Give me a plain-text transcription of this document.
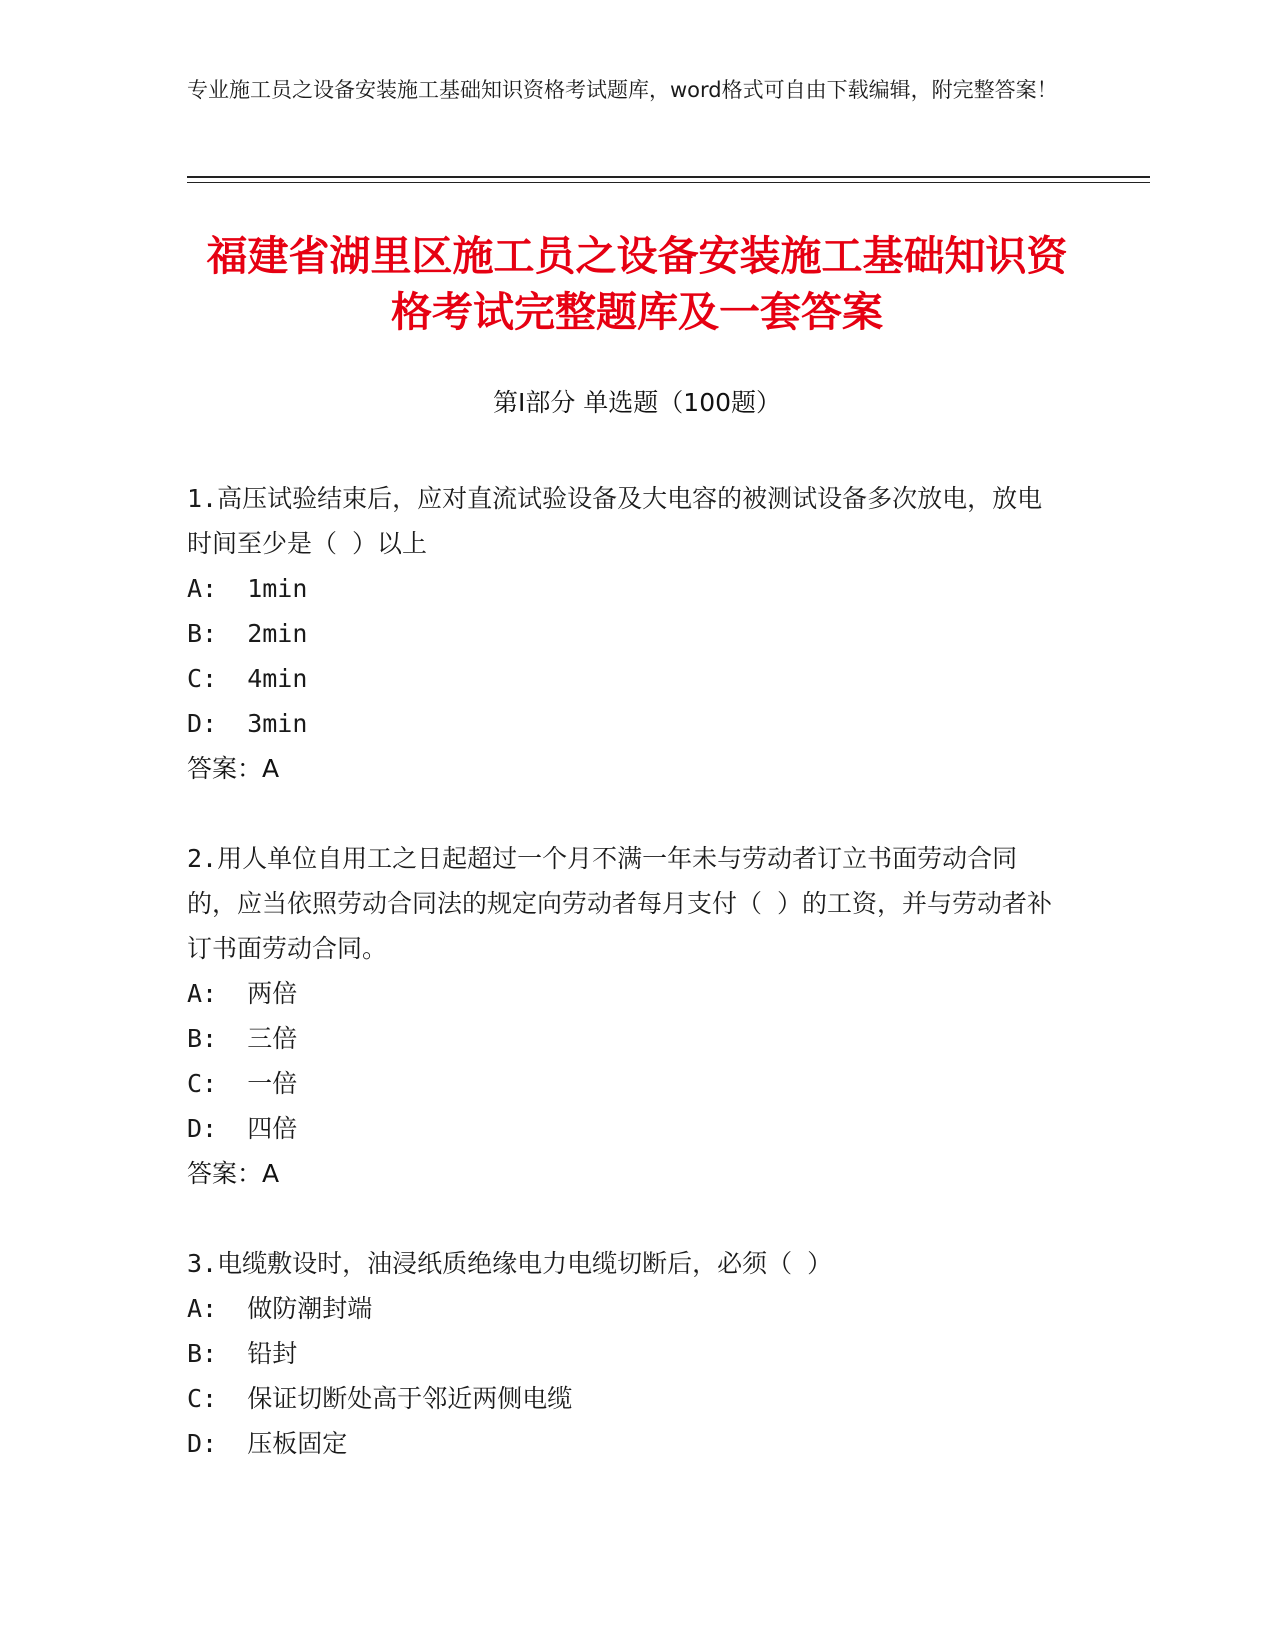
专业施工员之设备安装施工基础知识资格考试题库，word格式可自由下载编辑，附完整答案！
福建省湖里区施工员之设备安装施工基础知识资格考试完整题库及一套答案
第Ⅰ部分 单选题（100题）
1.高压试验结束后，应对直流试验设备及大电容的被测试设备多次放电，放电时间至少是（ ）以上
A:  1min
B:  2min
C:  4min
D:  3min
答案：A
2.用人单位自用工之日起超过一个月不满一年未与劳动者订立书面劳动合同的，应当依照劳动合同法的规定向劳动者每月支付（ ）的工资，并与劳动者补订书面劳动合同。
A:  两倍
B:  三倍
C:  一倍
D:  四倍
答案：A
3.电缆敷设时，油浸纸质绝缘电力电缆切断后，必须（ ）
A:  做防潮封端
B:  铅封
C:  保证切断处高于邻近两侧电缆
D:  压板固定
